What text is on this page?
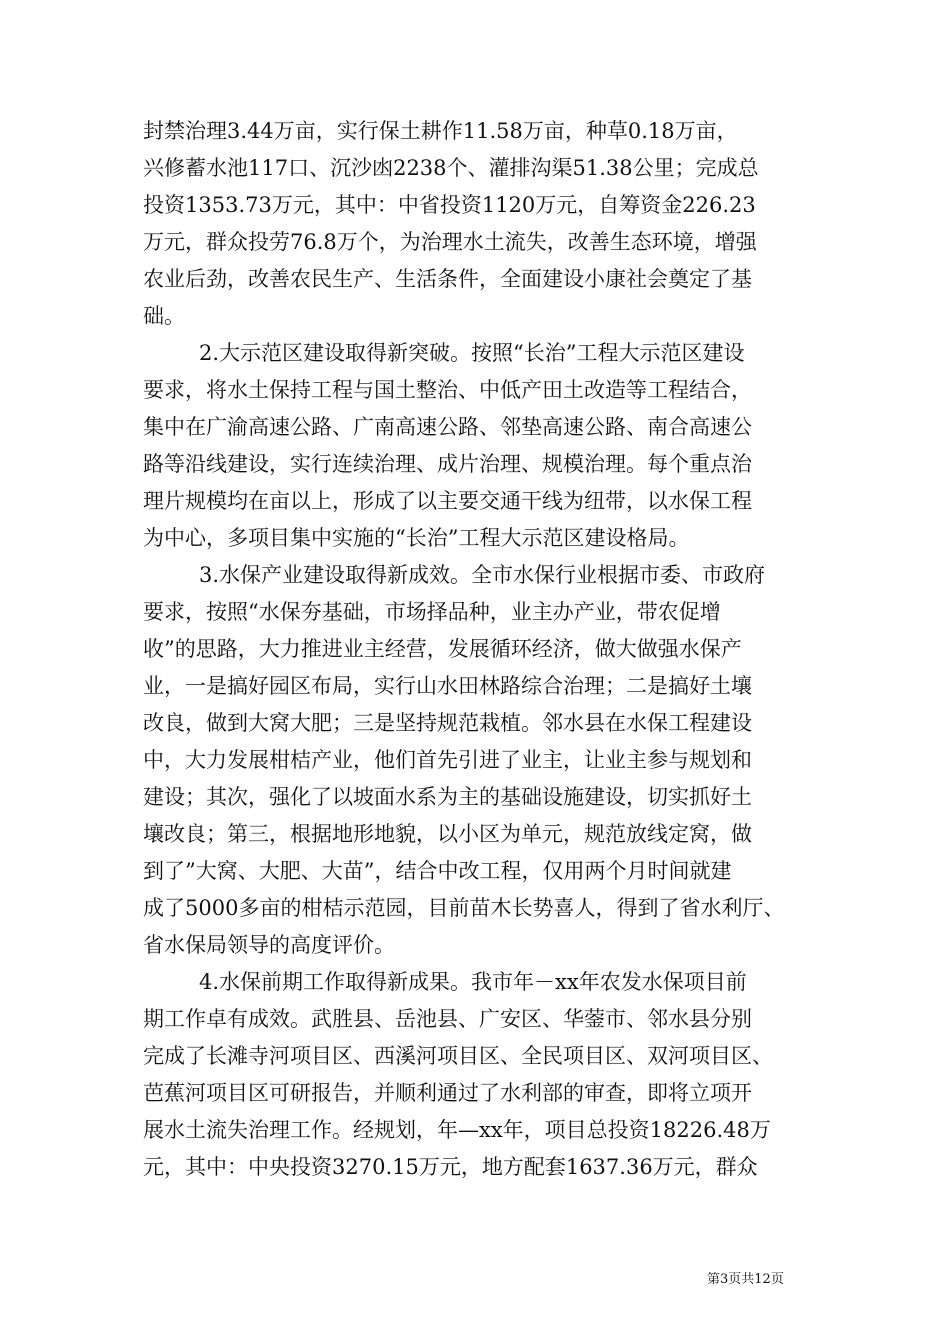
封禁治理3.44万亩，实行保土耕作11.58万亩，种草0.18万亩，
兴修蓄水池117口、沉沙凼2238个、灌排沟渠51.38公里；完成总
投资1353.73万元，其中：中省投资1120万元，自筹资金226.23
万元，群众投劳76.8万个，为治理水土流失，改善生态环境，增强
农业后劲，改善农民生产、生活条件，全面建设小康社会奠定了基
础。
2.大示范区建设取得新突破。按照“长治”工程大示范区建设
要求，将水土保持工程与国土整治、中低产田土改造等工程结合，
集中在广渝高速公路、广南高速公路、邻垫高速公路、南合高速公
路等沿线建设，实行连续治理、成片治理、规模治理。每个重点治
理片规模均在亩以上，形成了以主要交通干线为纽带，以水保工程
为中心，多项目集中实施的“长治”工程大示范区建设格局。
3.水保产业建设取得新成效。全市水保行业根据市委、市政府
要求，按照“水保夯基础，市场择品种，业主办产业，带农促增
收”的思路，大力推进业主经营，发展循环经济，做大做强水保产
业，一是搞好园区布局，实行山水田林路综合治理；二是搞好土壤
改良，做到大窝大肥；三是坚持规范栽植。邻水县在水保工程建设
中，大力发展柑桔产业，他们首先引进了业主，让业主参与规划和
建设；其次，强化了以坡面水系为主的基础设施建设，切实抓好土
壤改良；第三，根据地形地貌，以小区为单元，规范放线定窝，做
到了”大窝、大肥、大苗”，结合中改工程，仅用两个月时间就建
成了5000多亩的柑桔示范园，目前苗木长势喜人，得到了省水利厅、
省水保局领导的高度评价。
4.水保前期工作取得新成果。我市年－xx年农发水保项目前
期工作卓有成效。武胜县、岳池县、广安区、华蓥市、邻水县分别
完成了长滩寺河项目区、西溪河项目区、全民项目区、双河项目区、
芭蕉河项目区可研报告，并顺利通过了水利部的审查，即将立项开
展水土流失治理工作。经规划，年—xx年，项目总投资18226.48万
元，其中：中央投资3270.15万元，地方配套1637.36万元，群众
第3页共12页
